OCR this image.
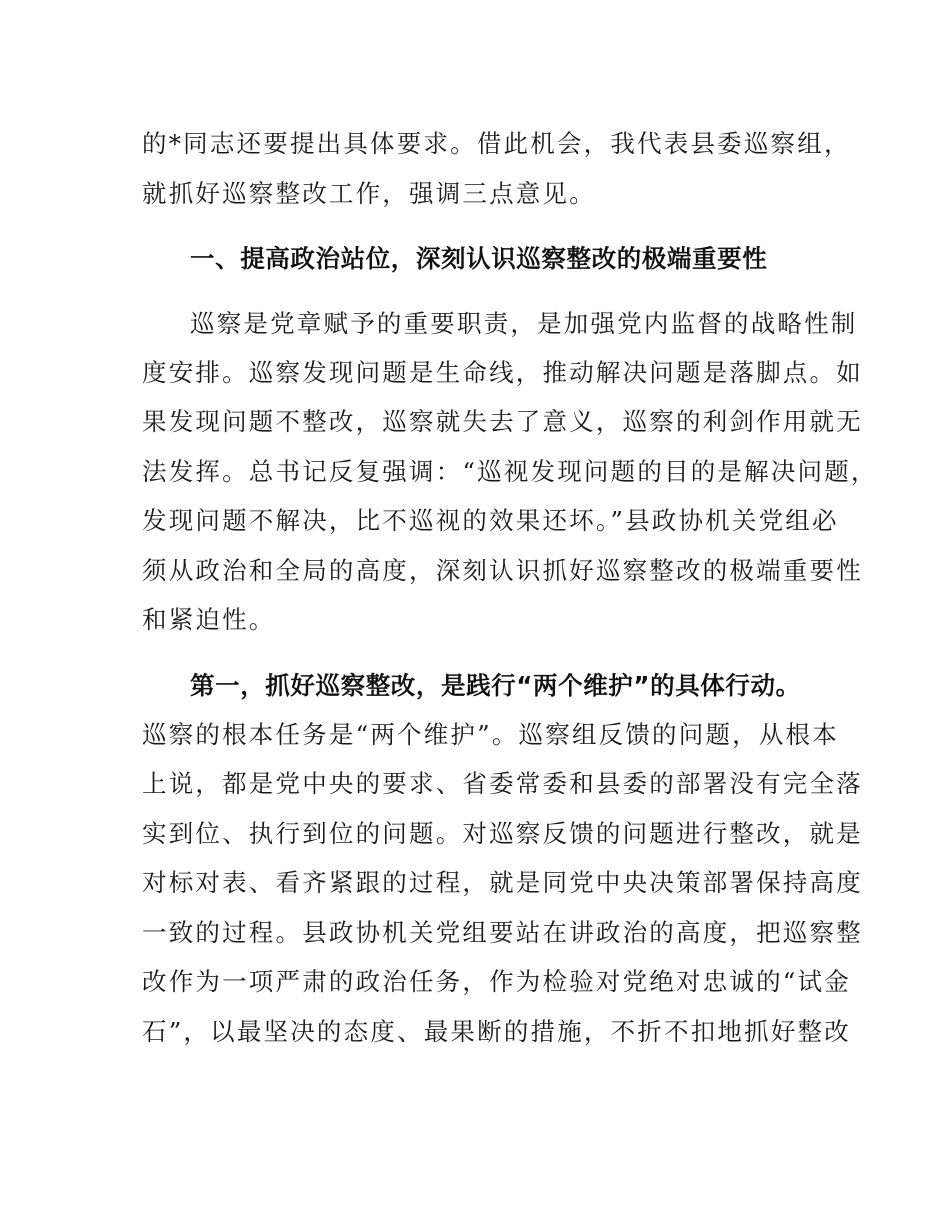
的*同志还要提出具体要求。借此机会，我代表县委巡察组，
就抓好巡察整改工作，强调三点意见。
一、提高政治站位，深刻认识巡察整改的极端重要性
巡察是党章赋予的重要职责，是加强党内监督的战略性制
度安排。巡察发现问题是生命线，推动解决问题是落脚点。如
果发现问题不整改，巡察就失去了意义，巡察的利剑作用就无
法发挥。总书记反复强调：“巡视发现问题的目的是解决问题，
发现问题不解决，比不巡视的效果还坏。”县政协机关党组必
须从政治和全局的高度，深刻认识抓好巡察整改的极端重要性
和紧迫性。
第一，抓好巡察整改，是践行“两个维护”的具体行动。
巡察的根本任务是“两个维护”。巡察组反馈的问题，从根本
上说，都是党中央的要求、省委常委和县委的部署没有完全落
实到位、执行到位的问题。对巡察反馈的问题进行整改，就是
对标对表、看齐紧跟的过程，就是同党中央决策部署保持高度
一致的过程。县政协机关党组要站在讲政治的高度，把巡察整
改作为一项严肃的政治任务，作为检验对党绝对忠诚的“试金
石”，以最坚决的态度、最果断的措施，不折不扣地抓好整改
